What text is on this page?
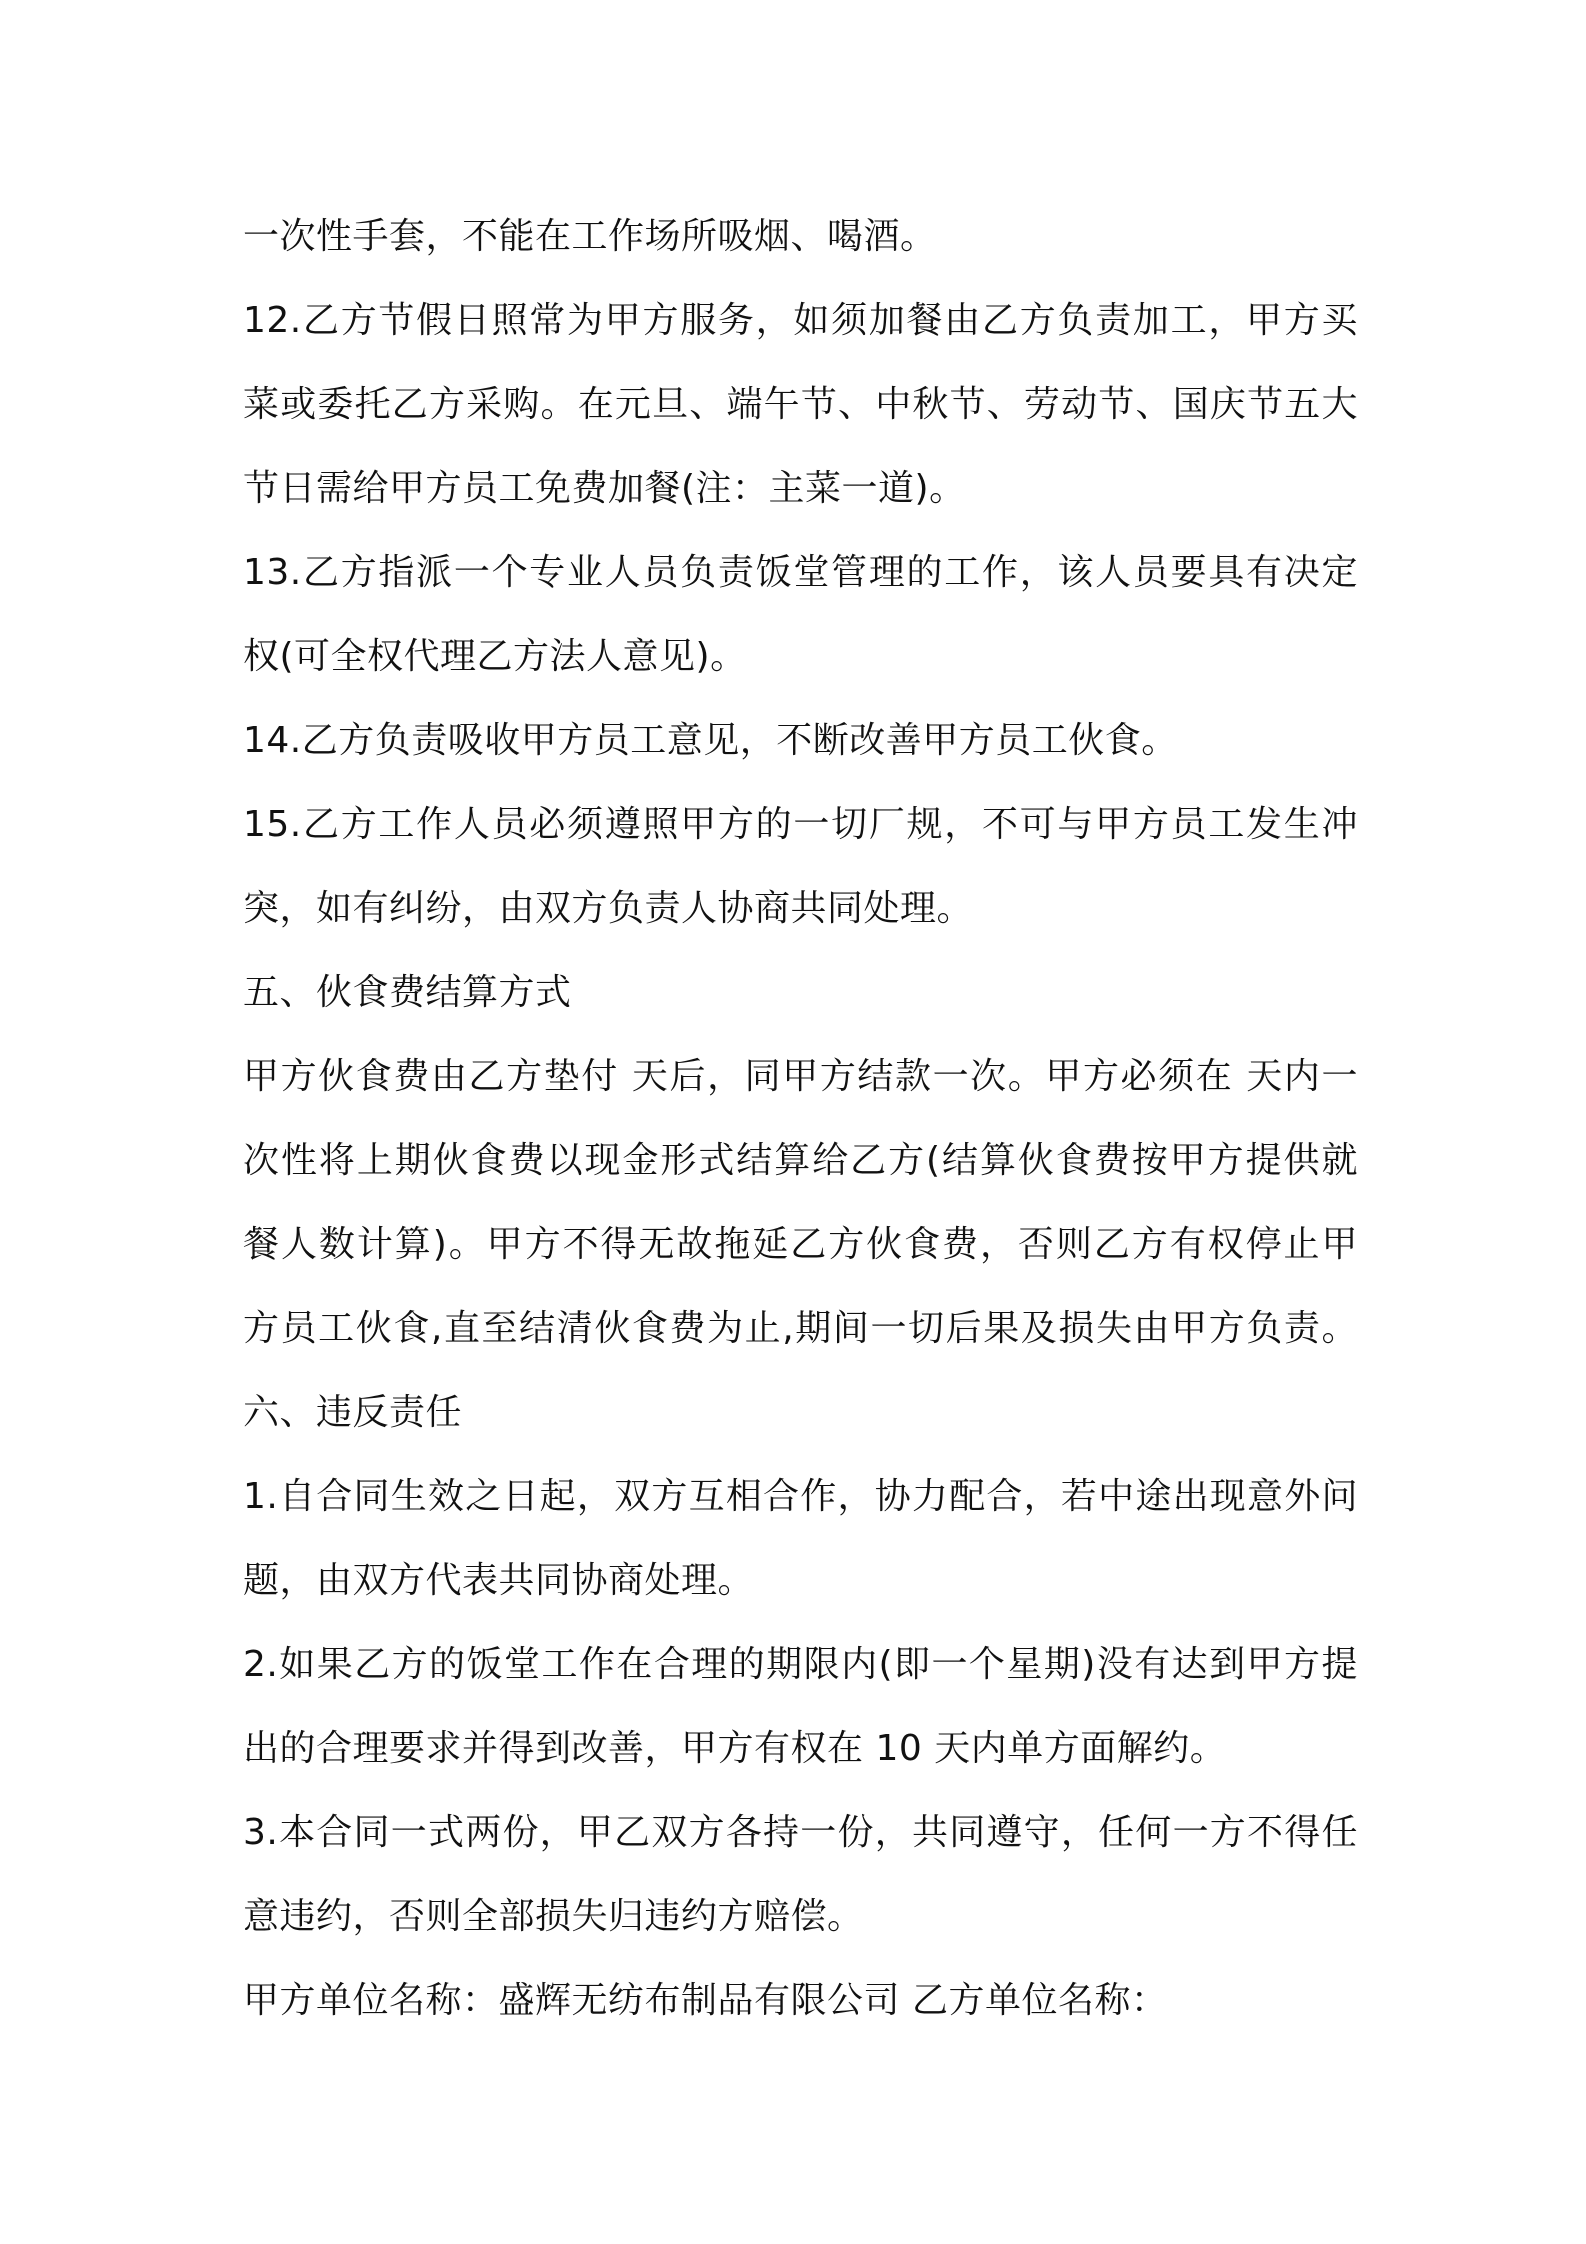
一次性手套，不能在工作场所吸烟、喝酒。
12.乙方节假日照常为甲方服务，如须加餐由乙方负责加工，甲方买
菜或委托乙方采购。在元旦、端午节、中秋节、劳动节、国庆节五大
节日需给甲方员工免费加餐(注：主菜一道)。
13.乙方指派一个专业人员负责饭堂管理的工作，该人员要具有决定
权(可全权代理乙方法人意见)。
14.乙方负责吸收甲方员工意见，不断改善甲方员工伙食。
15.乙方工作人员必须遵照甲方的一切厂规，不可与甲方员工发生冲
突，如有纠纷，由双方负责人协商共同处理。
五、伙食费结算方式
甲方伙食费由乙方垫付 天后，同甲方结款一次。甲方必须在 天内一
次性将上期伙食费以现金形式结算给乙方(结算伙食费按甲方提供就
餐人数计算)。甲方不得无故拖延乙方伙食费，否则乙方有权停止甲
方员工伙食,直至结清伙食费为止,期间一切后果及损失由甲方负责。
六、违反责任
1.自合同生效之日起，双方互相合作，协力配合，若中途出现意外问
题，由双方代表共同协商处理。
2.如果乙方的饭堂工作在合理的期限内(即一个星期)没有达到甲方提
出的合理要求并得到改善，甲方有权在 10 天内单方面解约。
3.本合同一式两份，甲乙双方各持一份，共同遵守，任何一方不得任
意违约，否则全部损失归违约方赔偿。
甲方单位名称：盛辉无纺布制品有限公司 乙方单位名称：
